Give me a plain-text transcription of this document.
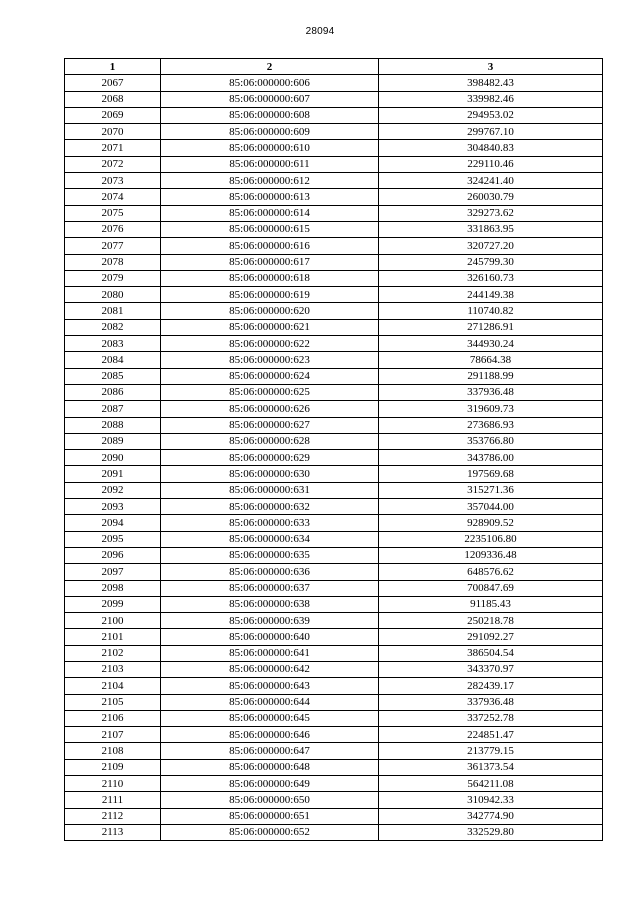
28094
1	2	3
2067	85:06:000000:606	398482.43
2068	85:06:000000:607	339982.46
2069	85:06:000000:608	294953.02
2070	85:06:000000:609	299767.10
2071	85:06:000000:610	304840.83
2072	85:06:000000:611	229110.46
2073	85:06:000000:612	324241.40
2074	85:06:000000:613	260030.79
2075	85:06:000000:614	329273.62
2076	85:06:000000:615	331863.95
2077	85:06:000000:616	320727.20
2078	85:06:000000:617	245799.30
2079	85:06:000000:618	326160.73
2080	85:06:000000:619	244149.38
2081	85:06:000000:620	110740.82
2082	85:06:000000:621	271286.91
2083	85:06:000000:622	344930.24
2084	85:06:000000:623	78664.38
2085	85:06:000000:624	291188.99
2086	85:06:000000:625	337936.48
2087	85:06:000000:626	319609.73
2088	85:06:000000:627	273686.93
2089	85:06:000000:628	353766.80
2090	85:06:000000:629	343786.00
2091	85:06:000000:630	197569.68
2092	85:06:000000:631	315271.36
2093	85:06:000000:632	357044.00
2094	85:06:000000:633	928909.52
2095	85:06:000000:634	2235106.80
2096	85:06:000000:635	1209336.48
2097	85:06:000000:636	648576.62
2098	85:06:000000:637	700847.69
2099	85:06:000000:638	91185.43
2100	85:06:000000:639	250218.78
2101	85:06:000000:640	291092.27
2102	85:06:000000:641	386504.54
2103	85:06:000000:642	343370.97
2104	85:06:000000:643	282439.17
2105	85:06:000000:644	337936.48
2106	85:06:000000:645	337252.78
2107	85:06:000000:646	224851.47
2108	85:06:000000:647	213779.15
2109	85:06:000000:648	361373.54
2110	85:06:000000:649	564211.08
2111	85:06:000000:650	310942.33
2112	85:06:000000:651	342774.90
2113	85:06:000000:652	332529.80
